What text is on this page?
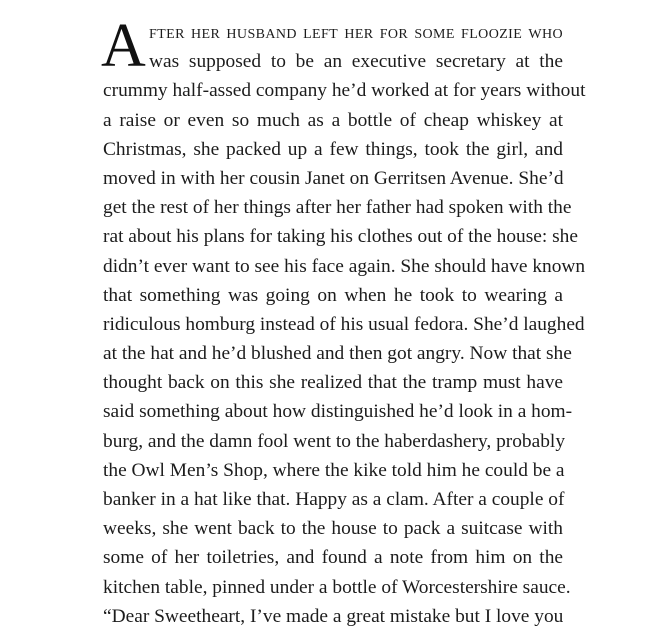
A fter her husband left her for some floozie who
was supposed to be an executive secretary at the
crummy half-assed company he’d worked at for years without
a raise or even so much as a bottle of cheap whiskey at
Christmas, she packed up a few things, took the girl, and
moved in with her cousin Janet on Gerritsen Avenue. She’d
get the rest of her things after her father had spoken with the
rat about his plans for taking his clothes out of the house: she
didn’t ever want to see his face again. She should have known
that something was going on when he took to wearing a
ridiculous homburg instead of his usual fedora. She’d laughed
at the hat and he’d blushed and then got angry. Now that she
thought back on this she realized that the tramp must have
said something about how distinguished he’d look in a hom-
burg, and the damn fool went to the haberdashery, probably
the Owl Men’s Shop, where the kike told him he could be a
banker in a hat like that. Happy as a clam. After a couple of
weeks, she went back to the house to pack a suitcase with
some of her toiletries, and found a note from him on the
kitchen table, pinned under a bottle of Worcestershire sauce.
“Dear Sweetheart, I’ve made a great mistake but I love you
